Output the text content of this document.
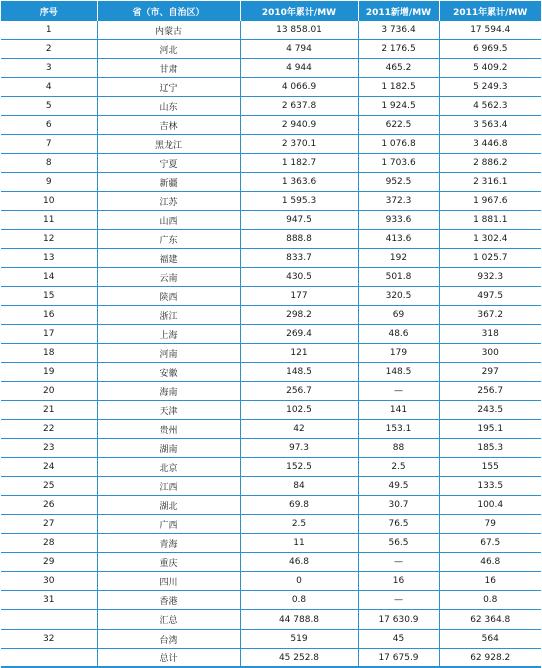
序号	省（市、自治区）	2010年累计/MW	2011新增/MW	2011年累计/MW
1	内蒙古	13 858.01	3 736.4	17 594.4
2	河北	4 794	2 176.5	6 969.5
3	甘肃	4 944	465.2	5 409.2
4	辽宁	4 066.9	1 182.5	5 249.3
5	山东	2 637.8	1 924.5	4 562.3
6	吉林	2 940.9	622.5	3 563.4
7	黑龙江	2 370.1	1 076.8	3 446.8
8	宁夏	1 182.7	1 703.6	2 886.2
9	新疆	1 363.6	952.5	2 316.1
10	江苏	1 595.3	372.3	1 967.6
11	山西	947.5	933.6	1 881.1
12	广东	888.8	413.6	1 302.4
13	福建	833.7	192	1 025.7
14	云南	430.5	501.8	932.3
15	陕西	177	320.5	497.5
16	浙江	298.2	69	367.2
17	上海	269.4	48.6	318
18	河南	121	179	300
19	安徽	148.5	148.5	297
20	海南	256.7	—	256.7
21	天津	102.5	141	243.5
22	贵州	42	153.1	195.1
23	湖南	97.3	88	185.3
24	北京	152.5	2.5	155
25	江西	84	49.5	133.5
26	湖北	69.8	30.7	100.4
27	广西	2.5	76.5	79
28	青海	11	56.5	67.5
29	重庆	46.8	—	46.8
30	四川	0	16	16
31	香港	0.8	—	0.8
	汇总	44 788.8	17 630.9	62 364.8
32	台湾	519	45	564
	总计	45 252.8	17 675.9	62 928.2
